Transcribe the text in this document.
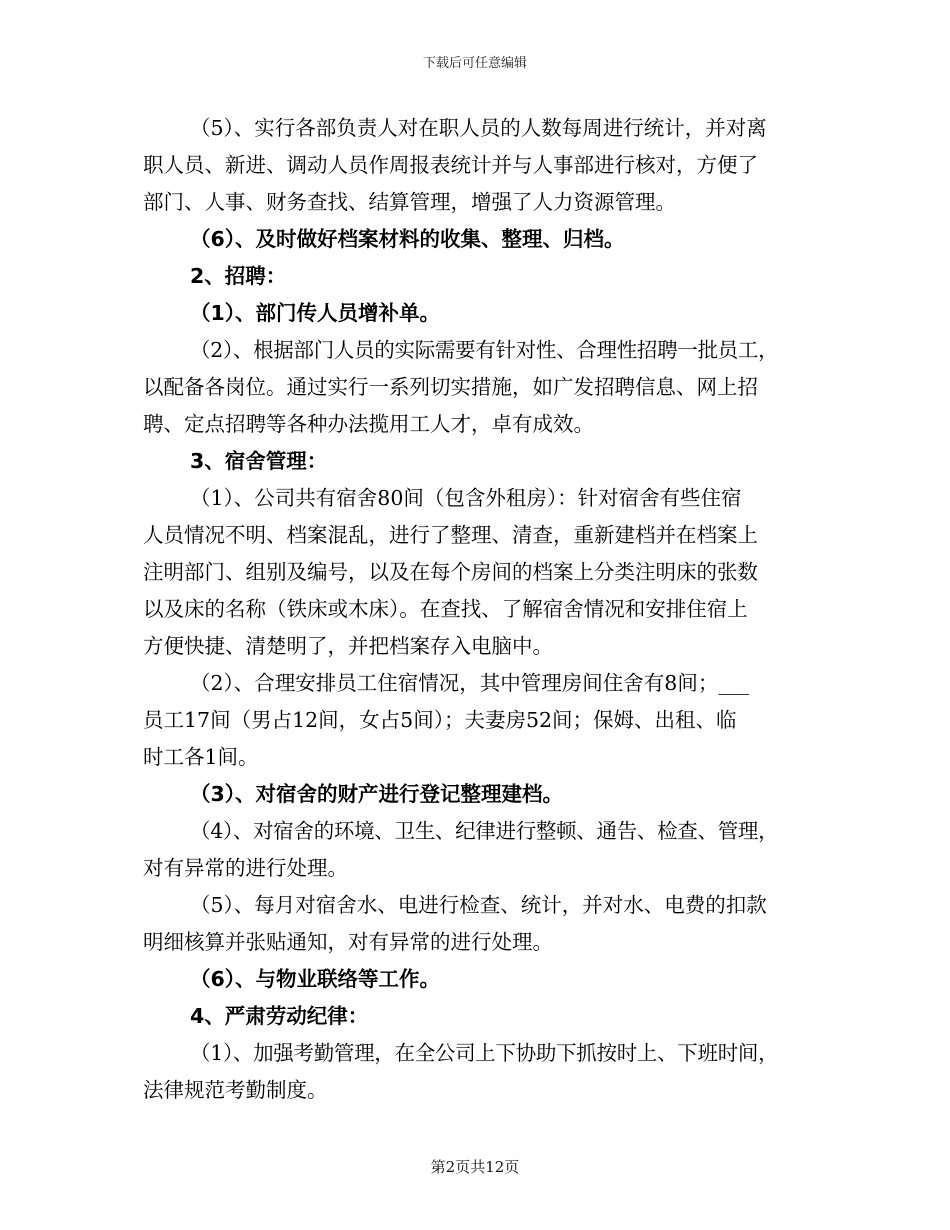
下载后可任意编辑
（5）、实行各部负责人对在职人员的人数每周进行统计，并对离
职人员、新进、调动人员作周报表统计并与人事部进行核对，方便了
部门、人事、财务查找、结算管理，增强了人力资源管理。
（6）、及时做好档案材料的收集、整理、归档。
2、招聘：
（1）、部门传人员增补单。
（2）、根据部门人员的实际需要有针对性、合理性招聘一批员工，
以配备各岗位。通过实行一系列切实措施，如广发招聘信息、网上招
聘、定点招聘等各种办法揽用工人才，卓有成效。
3、宿舍管理：
（1）、公司共有宿舍80间（包含外租房）：针对宿舍有些住宿
人员情况不明、档案混乱，进行了整理、清查，重新建档并在档案上
注明部门、组别及编号，以及在每个房间的档案上分类注明床的张数
以及床的名称（铁床或木床）。在查找、了解宿舍情况和安排住宿上
方便快捷、清楚明了，并把档案存入电脑中。
（2）、合理安排员工住宿情况，其中管理房间住舍有8间；___
员工17间（男占12间，女占5间）；夫妻房52间；保姆、出租、临
时工各1间。
（3）、对宿舍的财产进行登记整理建档。
（4）、对宿舍的环境、卫生、纪律进行整顿、通告、检查、管理，
对有异常的进行处理。
（5）、每月对宿舍水、电进行检查、统计，并对水、电费的扣款
明细核算并张贴通知，对有异常的进行处理。
（6）、与物业联络等工作。
4、严肃劳动纪律：
（1）、加强考勤管理，在全公司上下协助下抓按时上、下班时间，
法律规范考勤制度。
第2页共12页
